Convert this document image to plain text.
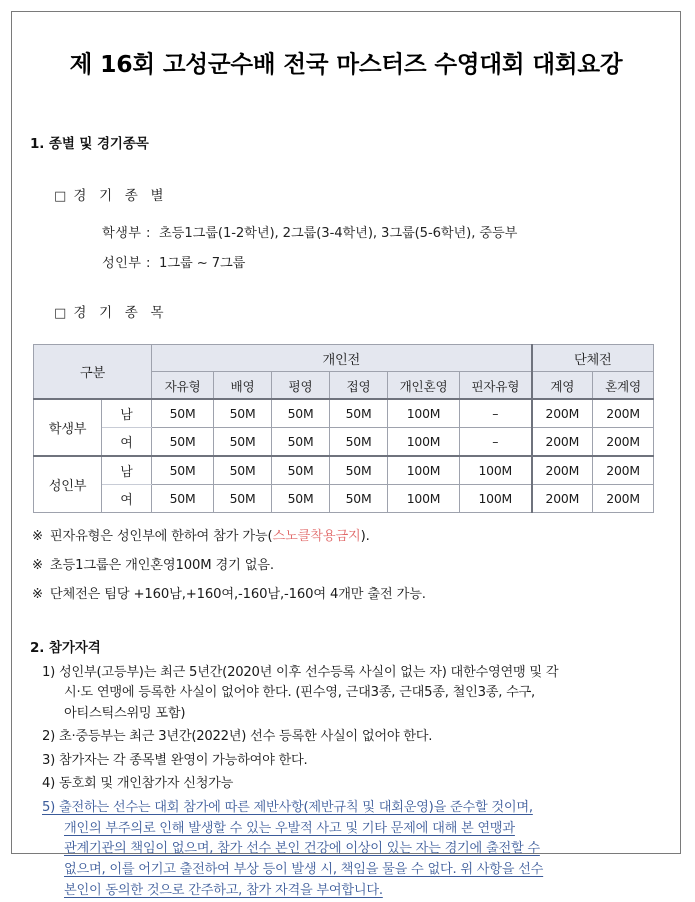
제 16회 고성군수배 전국 마스터즈 수영대회 대회요강
1. 종별 및 경기종목
□ 경 기 종 별
학생부 : 초등1그룹(1-2학년), 2그룹(3-4학년), 3그룹(5-6학년), 중등부
성인부 : 1그룹 ~ 7그룹
□ 경 기 종 목
구분		개인전						단체전	
		자유형	배영	평영	접영	개인혼영	핀자유형	계영	혼계영
학생부	남	50M	50M	50M	50M	100M	–	200M	200M
	여	50M	50M	50M	50M	100M	–	200M	200M
성인부	남	50M	50M	50M	50M	100M	100M	200M	200M
	여	50M	50M	50M	50M	100M	100M	200M	200M
※ 핀자유형은 성인부에 한하여 참가 가능(스노클착용금지).
※ 초등1그룹은 개인혼영100M 경기 없음.
※ 단체전은 팀당 +160남,+160여,-160남,-160여 4개만 출전 가능.
2. 참가자격
1) 성인부(고등부)는 최근 5년간(2020년 이후 선수등록 사실이 없는 자) 대한수영연맹 및 각
시·도 연맹에 등록한 사실이 없어야 한다. (핀수영, 근대3종, 근대5종, 철인3종, 수구,
아티스틱스위밍 포함)
2) 초·중등부는 최근 3년간(2022년) 선수 등록한 사실이 없어야 한다.
3) 참가자는 각 종목별 완영이 가능하여야 한다.
4) 동호회 및 개인참가자 신청가능
5) 출전하는 선수는 대회 참가에 따른 제반사항(제반규칙 및 대회운영)을 준수할 것이며,
개인의 부주의로 인해 발생할 수 있는 우발적 사고 및 기타 문제에 대해 본 연맹과
관계기관의 책임이 없으며, 참가 선수 본인 건강에 이상이 있는 자는 경기에 출전할 수
없으며, 이를 어기고 출전하여 부상 등이 발생 시, 책임을 물을 수 없다. 위 사항을 선수
본인이 동의한 것으로 간주하고, 참가 자격을 부여합니다.
